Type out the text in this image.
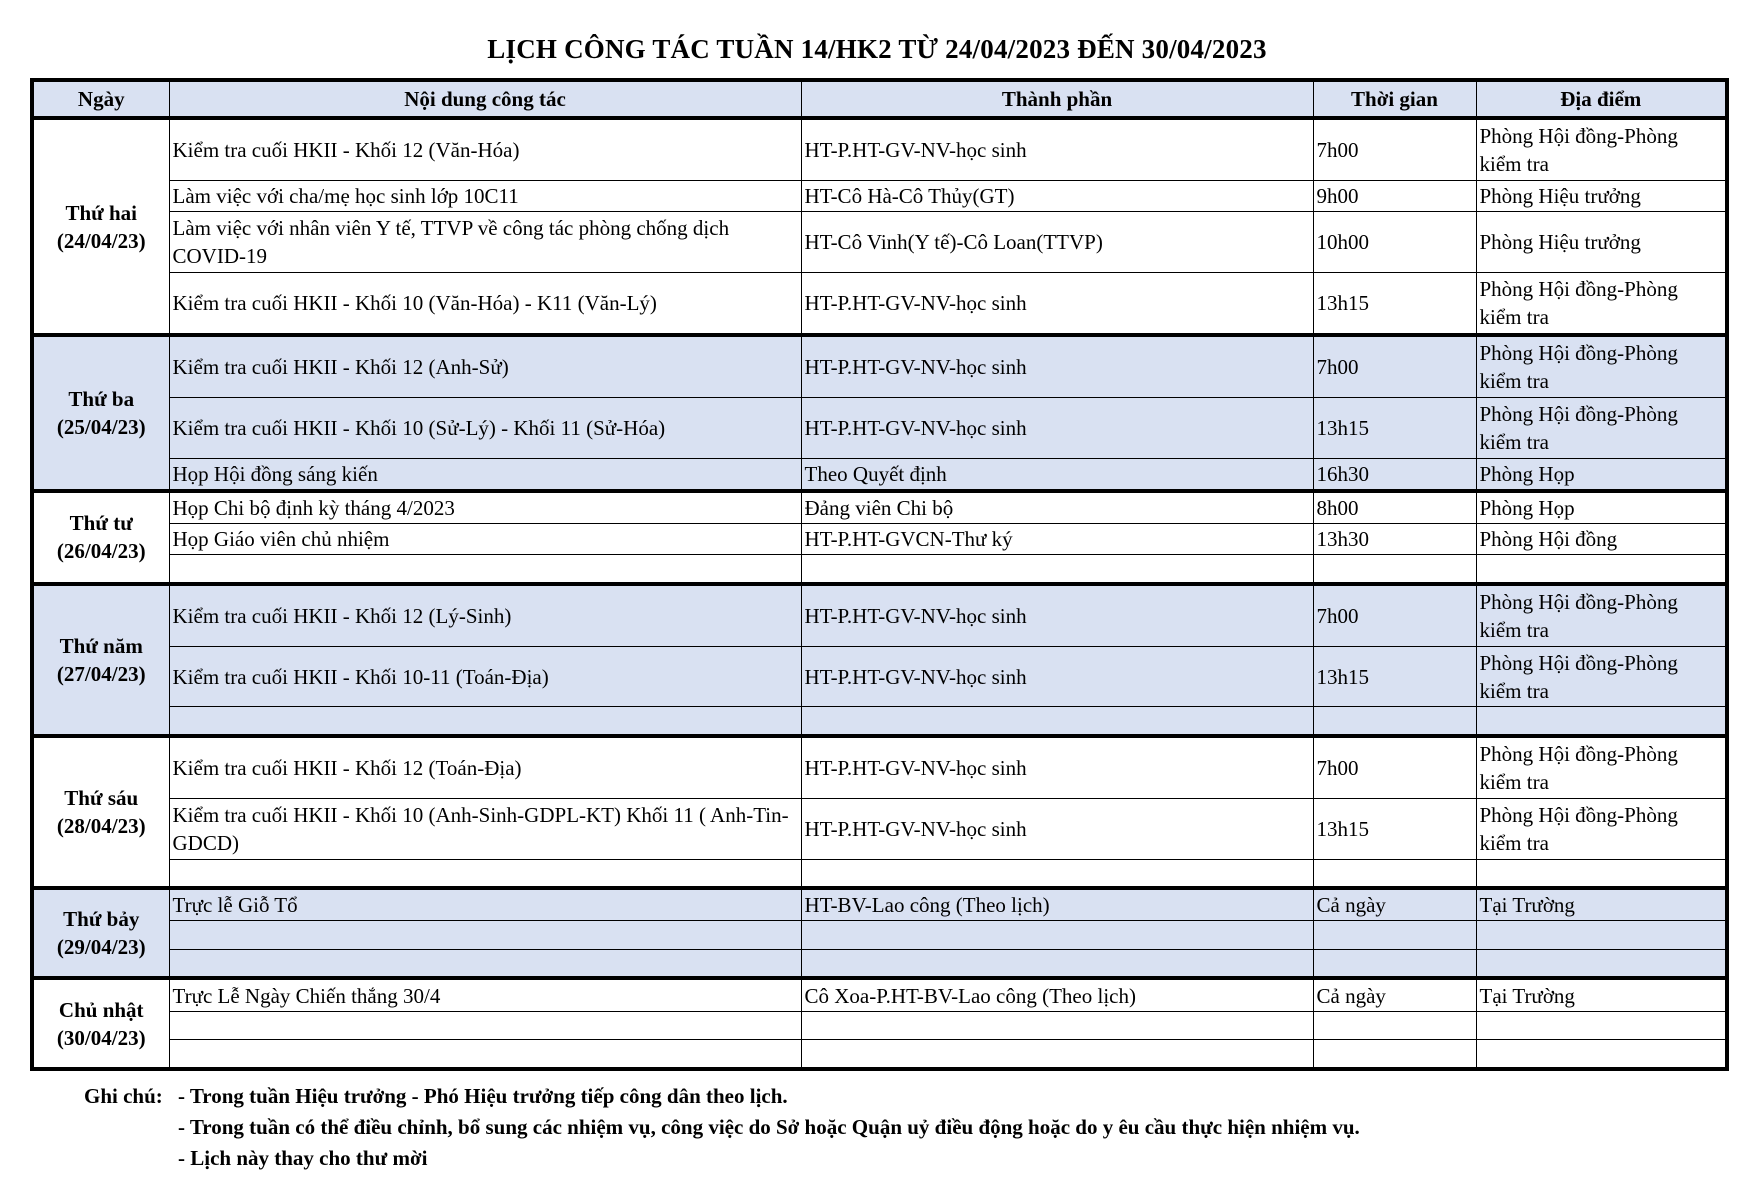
LỊCH CÔNG TÁC TUẦN 14/HK2 TỪ 24/04/2023 ĐẾN 30/04/2023
Ngày	Nội dung công tác	Thành phần	Thời gian	Địa điểm

Thứ hai
(24/04/23)	Kiểm tra cuối HKII - Khối 12 (Văn-Hóa)	HT-P.HT-GV-NV-học sinh	7h00	Phòng Hội đồng-Phòng kiểm tra
	Làm việc với cha/mẹ học sinh lớp 10C11	HT-Cô Hà-Cô Thủy(GT)	9h00	Phòng Hiệu trưởng
	Làm việc với nhân viên Y tế, TTVP về công tác phòng chống dịch COVID-19	HT-Cô Vinh(Y tế)-Cô Loan(TTVP)	10h00	Phòng Hiệu trưởng
	Kiểm tra cuối HKII - Khối 10 (Văn-Hóa) - K11 (Văn-Lý)	HT-P.HT-GV-NV-học sinh	13h15	Phòng Hội đồng-Phòng kiểm tra

Thứ ba
(25/04/23)	Kiểm tra cuối HKII - Khối 12 (Anh-Sử)	HT-P.HT-GV-NV-học sinh	7h00	Phòng Hội đồng-Phòng kiểm tra
	Kiểm tra cuối HKII - Khối 10 (Sử-Lý) - Khối 11 (Sử-Hóa)	HT-P.HT-GV-NV-học sinh	13h15	Phòng Hội đồng-Phòng kiểm tra
	Họp Hội đồng sáng kiến	Theo Quyết định	16h30	Phòng Họp

Thứ tư
(26/04/23)	Họp Chi bộ định kỳ tháng 4/2023	Đảng viên Chi bộ	8h00	Phòng Họp
	Họp Giáo viên chủ nhiệm	HT-P.HT-GVCN-Thư ký	13h30	Phòng Hội đồng

Thứ năm
(27/04/23)	Kiểm tra cuối HKII - Khối 12 (Lý-Sinh)	HT-P.HT-GV-NV-học sinh	7h00	Phòng Hội đồng-Phòng kiểm tra
	Kiểm tra cuối HKII - Khối 10-11 (Toán-Địa)	HT-P.HT-GV-NV-học sinh	13h15	Phòng Hội đồng-Phòng kiểm tra

Thứ sáu
(28/04/23)	Kiểm tra cuối HKII - Khối 12 (Toán-Địa)	HT-P.HT-GV-NV-học sinh	7h00	Phòng Hội đồng-Phòng kiểm tra
	Kiểm tra cuối HKII - Khối 10 (Anh-Sinh-GDPL-KT) Khối 11 ( Anh-Tin-GDCD)	HT-P.HT-GV-NV-học sinh	13h15	Phòng Hội đồng-Phòng kiểm tra

Thứ bảy
(29/04/23)	Trực lễ Giỗ Tổ	HT-BV-Lao công (Theo lịch)	Cả ngày	Tại Trường

Chủ nhật
(30/04/23)	Trực Lễ Ngày Chiến thắng 30/4	Cô Xoa-P.HT-BV-Lao công (Theo lịch)	Cả ngày	Tại Trường

Ghi chú: - Trong tuần Hiệu trưởng - Phó Hiệu trưởng tiếp công dân theo lịch.
- Trong tuần có thể điều chỉnh, bổ sung các nhiệm vụ, công việc do Sở hoặc Quận uỷ điều động hoặc do y êu cầu thực hiện nhiệm vụ.
- Lịch này thay cho thư mời
